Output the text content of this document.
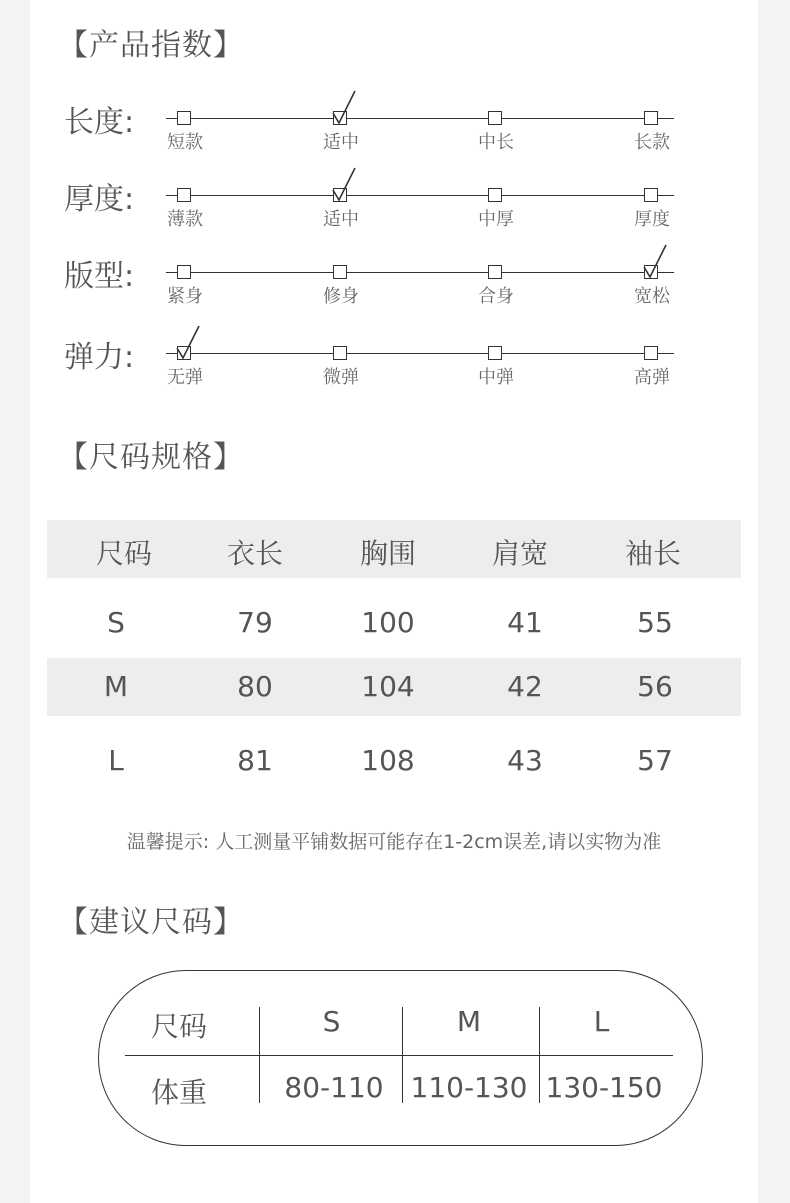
【产品指数】
长度:
短款	适中	中长	长款
厚度:
薄款	适中	中厚	厚度
版型:
紧身	修身	合身	宽松
弹力:
无弹	微弹	中弹	高弹
【尺码规格】
尺码	衣长	胸围	肩宽	袖长
S	79	100	41	55
M	80	104	42	56
L	81	108	43	57
温馨提示: 人工测量平铺数据可能存在1-2cm误差,请以实物为准
【建议尺码】
尺码	S	M	L
体重	80-110 110-130 130-150
